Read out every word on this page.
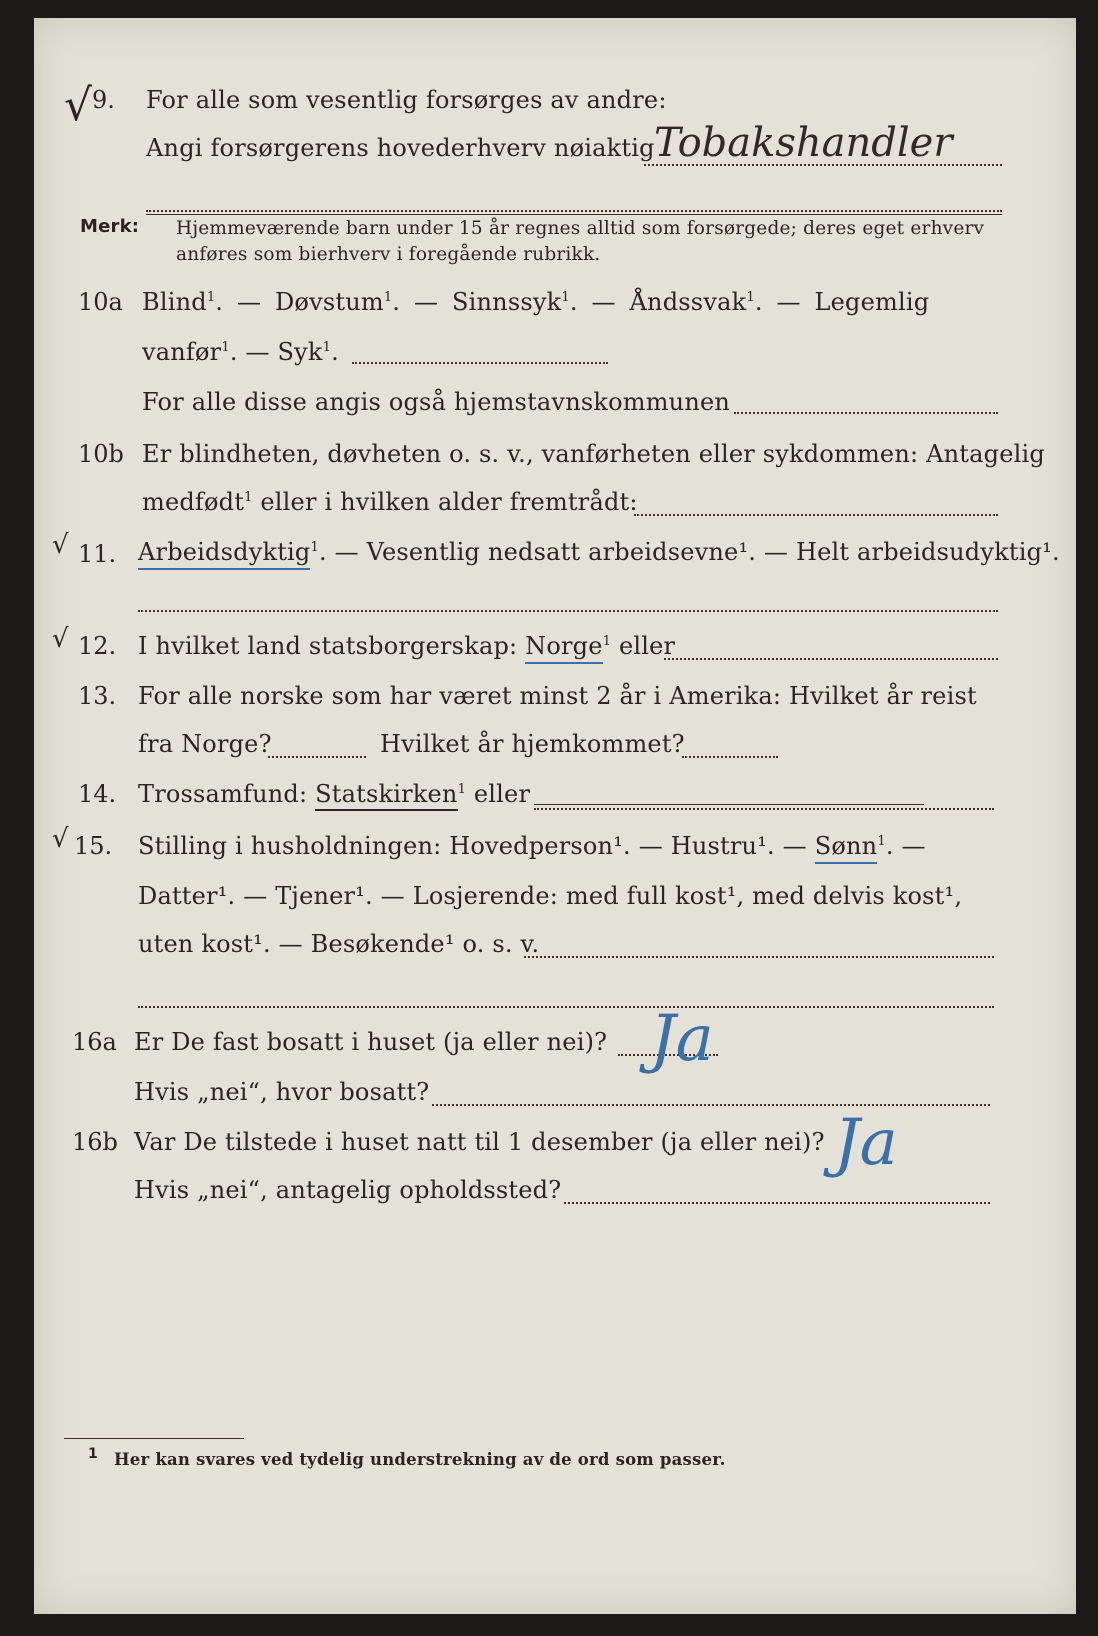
√ 9. For alle som vesentlig forsørges av andre:
Angi forsørgerens hovederhverv nøiaktig Tobakshandler
Merk: Hjemmeværende barn under 15 år regnes alltid som forsørgede; deres eget erhverv
anføres som bierhverv i foregående rubrikk.
10a Blind$^1$. — Døvstum$^1$. — Sinnssyk$^1$. — Åndssvak$^1$. — Legemlig
vanfør$^1$. — Syk$^1$.
For alle disse angis også hjemstavnskommunen
10b Er blindheten, døvheten o. s. v., vanførheten eller sykdommen: Antagelig
medfødt$^1$ eller i hvilken alder fremtrådt:
√ 11. Arbeidsdyktig$^1$. — Vesentlig nedsatt arbeidsevne¹. — Helt arbeidsudyktig¹.
√ 12. I hvilket land statsborgerskap: Norge$^1$ eller
13. For alle norske som har været minst 2 år i Amerika: Hvilket år reist
fra Norge?	Hvilket år hjemkommet?
14. Trossamfund: Statskirken$^1$ eller
√ 15. Stilling i husholdningen: Hovedperson¹. — Hustru¹. — Sønn$^1$. —
Datter¹. — Tjener¹. — Losjerende: med full kost¹, med delvis kost¹,
uten kost¹. — Besøkende¹ o. s. v.
16a Er De fast bosatt i huset (ja eller nei)? Ja
Hvis „nei“, hvor bosatt?
16b Var De tilstede i huset natt til 1 desember (ja eller nei)? Ja
Hvis „nei“, antagelig opholdssted?
1 Her kan svares ved tydelig understrekning av de ord som passer.
